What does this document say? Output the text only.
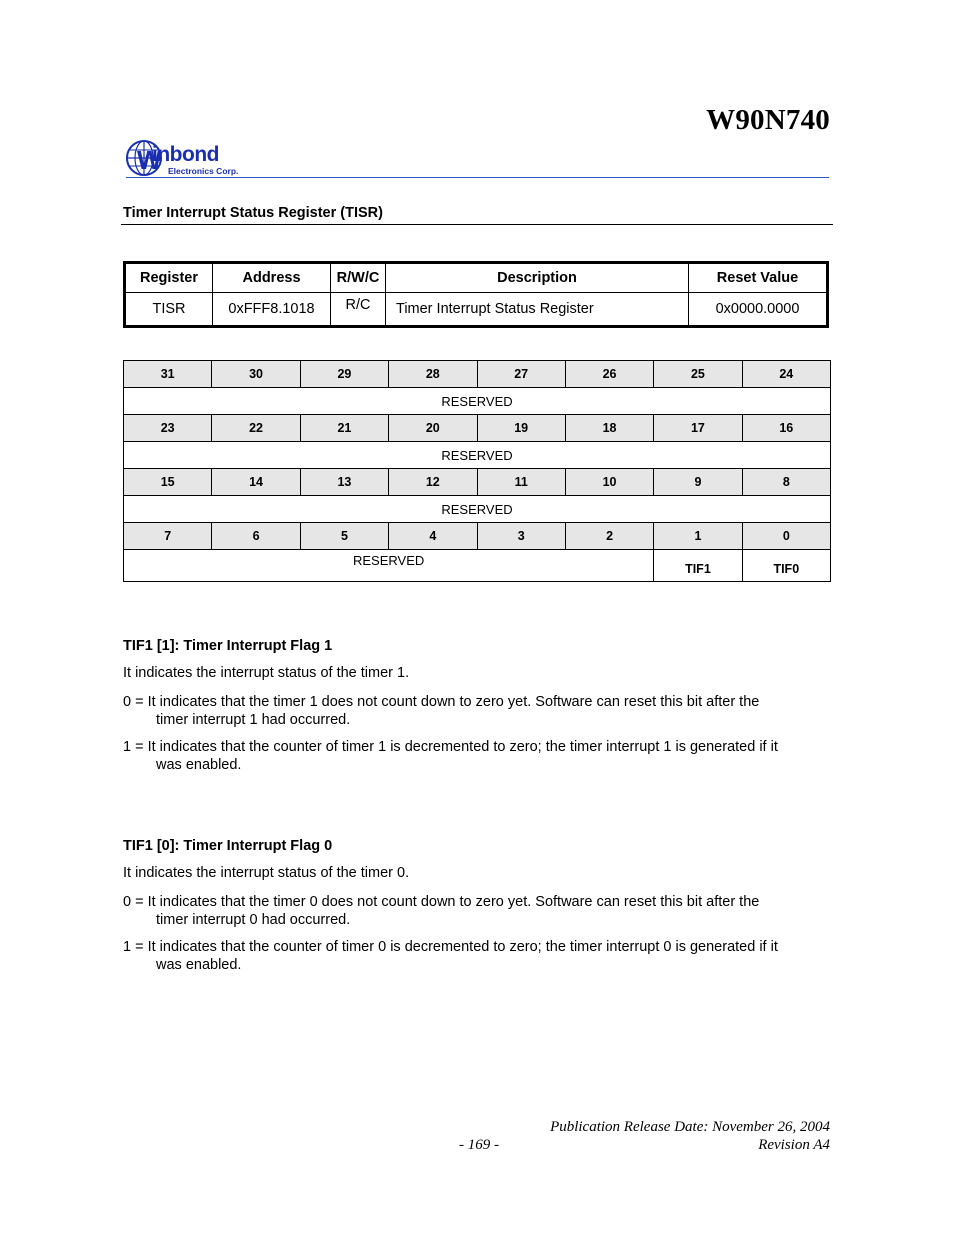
W90N740
W
inbond
Electronics Corp.
Timer Interrupt Status Register (TISR)
Register	Address	R/W/C	Description	Reset Value
TISR	0xFFF8.1018	R/C	Timer Interrupt Status Register	0x0000.0000
31	30	29	28	27	26	25	24
RESERVED							
23	22	21	20	19	18	17	16
RESERVED							
15	14	13	12	11	10	9	8
RESERVED							
7	6	5	4	3	2	1	0
RESERVED						TIF1	TIF0
TIF1 [1]: Timer Interrupt Flag 1
It indicates the interrupt status of the timer 1.
0 = It indicates that the timer 1 does not count down to zero yet. Software can reset this bit after the
timer interrupt 1 had occurred.
1 = It indicates that the counter of timer 1 is decremented to zero; the timer interrupt 1 is generated if it
was enabled.
TIF1 [0]: Timer Interrupt Flag 0
It indicates the interrupt status of the timer 0.
0 = It indicates that the timer 0 does not count down to zero yet. Software can reset this bit after the
timer interrupt 0 had occurred.
1 = It indicates that the counter of timer 0 is decremented to zero; the timer interrupt 0 is generated if it
was enabled.
Publication Release Date: November 26, 2004
- 169 -	Revision A4
